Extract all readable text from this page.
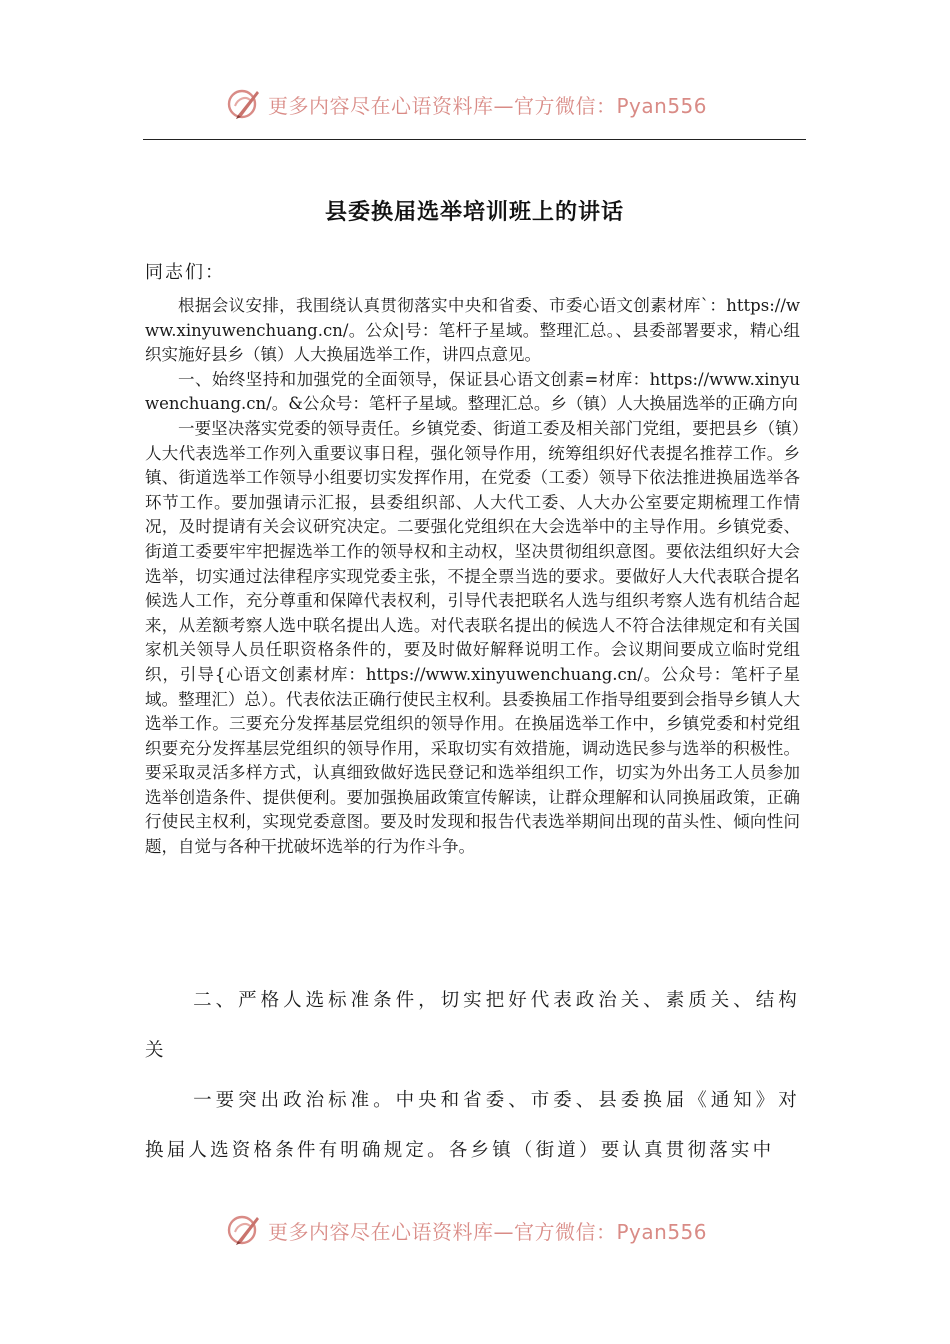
更多内容尽在心语资料库—官方微信：Pyan556
县委换届选举培训班上的讲话
同志们：

根据会议安排，我围绕认真贯彻落实中央和省委、市委心语文创素材库`：https://www.xinyuwenchuang.cn/。公众|号：笔杆子星域。整理汇总。、县委部署要求，精心组织实施好县乡（镇）人大换届选举工作，讲四点意见。

一、始终坚持和加强党的全面领导，保证县心语文创素=材库：https://www.xinyuwenchuang.cn/。&公众号：笔杆子星域。整理汇总。乡（镇）人大换届选举的正确方向

一要坚决落实党委的领导责任。乡镇党委、街道工委及相关部门党组，要把县乡（镇）人大代表选举工作列入重要议事日程，强化领导作用，统筹组织好代表提名推荐工作。乡镇、街道选举工作领导小组要切实发挥作用，在党委（工委）领导下依法推进换届选举各环节工作。要加强请示汇报，县委组织部、人大代工委、人大办公室要定期梳理工作情况，及时提请有关会议研究决定。二要强化党组织在大会选举中的主导作用。乡镇党委、街道工委要牢牢把握选举工作的领导权和主动权，坚决贯彻组织意图。要依法组织好大会选举，切实通过法律程序实现党委主张，不提全票当选的要求。要做好人大代表联合提名候选人工作，充分尊重和保障代表权利，引导代表把联名人选与组织考察人选有机结合起来，从差额考察人选中联名提出人选。对代表联名提出的候选人不符合法律规定和有关国家机关领导人员任职资格条件的，要及时做好解释说明工作。会议期间要成立临时党组织，引导{心语文创素材库：https://www.xinyuwenchuang.cn/。公众号：笔杆子星域。整理汇）总）。代表依法正确行使民主权利。县委换届工作指导组要到会指导乡镇人大选举工作。三要充分发挥基层党组织的领导作用。在换届选举工作中，乡镇党委和村党组织要充分发挥基层党组织的领导作用，采取切实有效措施，调动选民参与选举的积极性。要采取灵活多样方式，认真细致做好选民登记和选举组织工作，切实为外出务工人员参加选举创造条件、提供便利。要加强换届政策宣传解读，让群众理解和认同换届政策，正确行使民主权利，实现党委意图。要及时发现和报告代表选举期间出现的苗头性、倾向性问题，自觉与各种干扰破坏选举的行为作斗争。

二、严格人选标准条件，切实把好代表政治关、素质关、结构关

一要突出政治标准。中央和省委、市委、县委换届《通知》对换届人选资格条件有明确规定。各乡镇（街道）要认真贯彻落实中

更多内容尽在心语资料库—官方微信：Pyan556
